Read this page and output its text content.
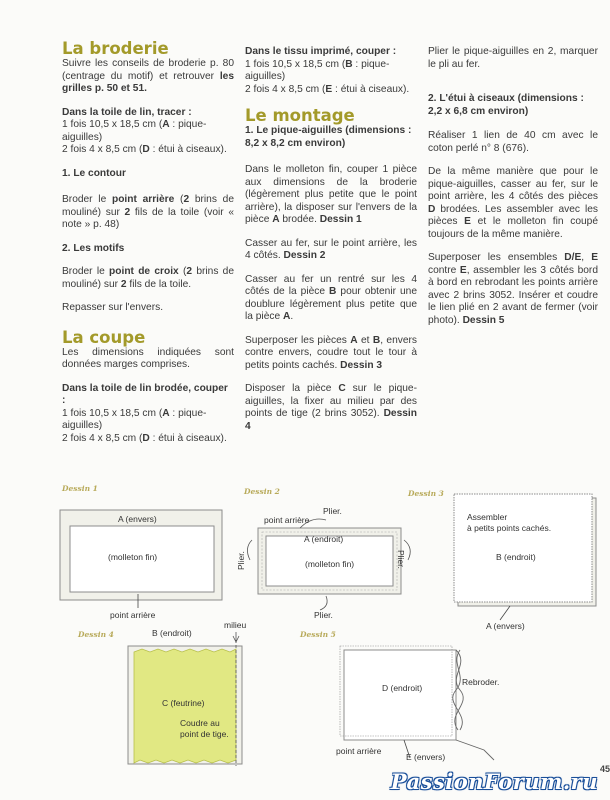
La broderie

Suivre les conseils de broderie p. 80 (centrage du motif) et retrouver les grilles p. 50 et 51.

Dans la toile de lin, tracer :
1 fois 10,5 x 18,5 cm (A : pique-aiguilles)
2 fois 4 x 8,5 cm (D : étui à ciseaux).

1. Le contour

Broder le point arrière (2 brins de mouliné) sur 2 fils de la toile (voir « note » p. 48)

2. Les motifs

Broder le point de croix (2 brins de mouliné) sur 2 fils de la toile.

Repasser sur l'envers.

La coupe

Les dimensions indiquées sont données marges comprises.

Dans la toile de lin brodée, couper :
1 fois 10,5 x 18,5 cm (A : pique-aiguilles)
2 fois 4 x 8,5 cm (D : étui à ciseaux).

Dans le tissu imprimé, couper :
1 fois 10,5 x 18,5 cm (B : pique-aiguilles)
2 fois 4 x 8,5 cm (E : étui à ciseaux).

Le montage

1. Le pique-aiguilles (dimensions : 8,2 x 8,2 cm environ)

Dans le molleton fin, couper 1 pièce aux dimensions de la broderie (légèrement plus petite que le point arrière), la disposer sur l'envers de la pièce A brodée. Dessin 1

Casser au fer, sur le point arrière, les 4 côtés. Dessin 2

Casser au fer un rentré sur les 4 côtés de la pièce B pour obtenir une doublure légèrement plus petite que la pièce A.

Superposer les pièces A et B, envers contre envers, coudre tout le tour à petits points cachés. Dessin 3

Disposer la pièce C sur le pique-aiguilles, la fixer au milieu par des points de tige (2 brins 3052). Dessin 4

Plier le pique-aiguilles en 2, marquer le pli au fer.

2. L'étui à ciseaux (dimensions : 2,2 x 6,8 cm environ)

Réaliser 1 lien de 40 cm avec le coton perlé n° 8 (676).

De la même manière que pour le pique-aiguilles, casser au fer, sur le point arrière, les 4 côtés des pièces D brodées. Les assembler avec les pièces E et le molleton fin coupé toujours de la même manière.

Superposer les ensembles D/E, E contre E, assembler les 3 côtés bord à bord en rebrodant les points arrière avec 2 brins 3052. Insérer et coudre le lien plié en 2 avant de fermer (voir photo). Dessin 5

Dessin 1
A (envers)
(molleton fin)
point arrière
Dessin 2
point arrière
Plier.
Plier.	Plier.
Plier.
A (endroit)
(molleton fin)
Dessin 3
Assembler
à petits points cachés.
B (endroit)
A (envers)
Dessin 4	B (endroit)
milieu
C (feutrine)
Coudre au
point de tige.
Dessin 5
D (endroit)
Rebroder.
point arrière
E (envers)
45
PassionForum.ru
